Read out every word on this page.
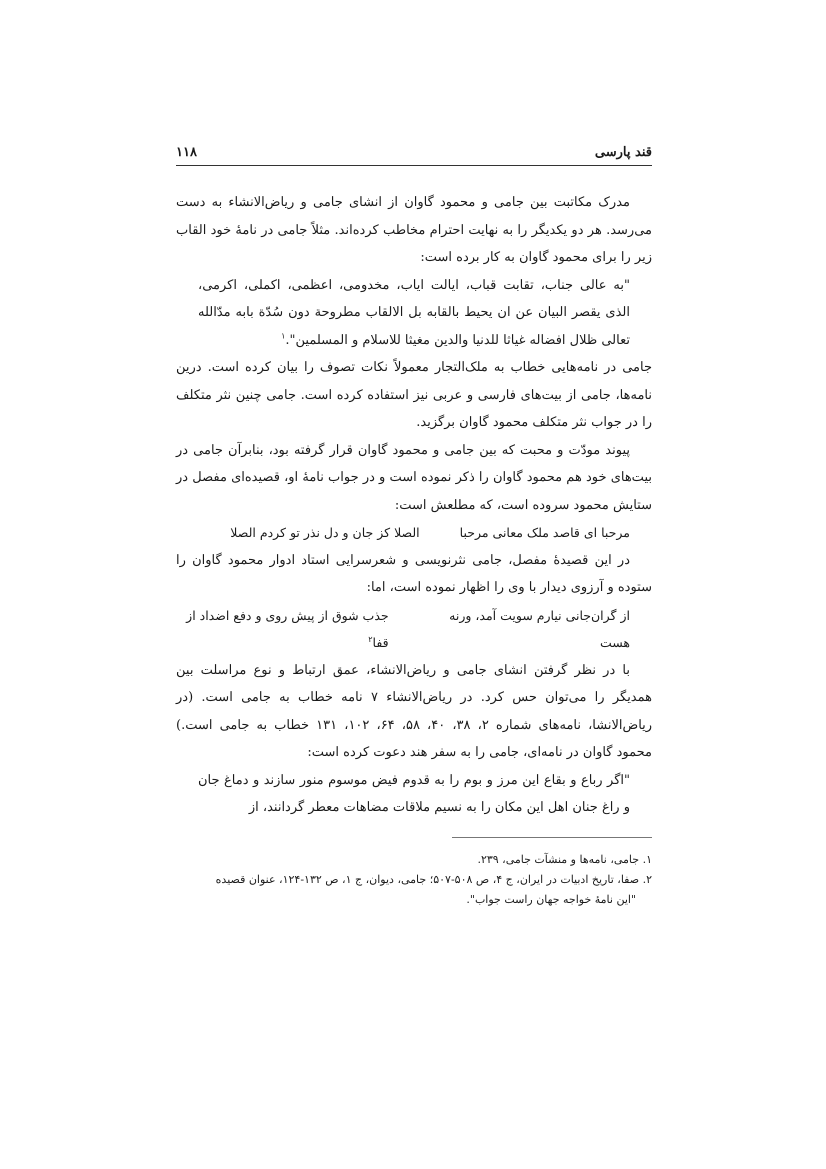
قند پارسی
۱۱۸

مدرک مکاتبت بین جامی و محمود گاوان از انشای جامی و ریاض‌الانشاء به دست می‌رسد. هر دو یکدیگر را به نهایت احترام مخاطب کرده‌اند. مثلاً جامی در نامهٔ خود القاب زیر را برای محمود گاوان به کار برده است:

"به عالی جناب، تقابت قباب، ایالت ایاب، مخدومی، اعظمی، اکملی، اکرمی، الذی یقصر البیان عن ان یحیط بالقابه بل الالقاب مطروحة دون سُدّة بابه مدّالله تعالی ظلال افضاله غیاثا للدنیا والدین مغیثا للاسلام و المسلمین".$^۱$

جامی در نامه‌هایی خطاب به ملک‌التجار معمولاً نکات تصوف را بیان کرده است. درین نامه‌ها، جامی از بیت‌های فارسی و عربی نیز استفاده کرده است. جامی چنین نثر متکلف را در جواب نثر متکلف محمود گاوان برگزید.

پیوند مودّت و محبت که بین جامی و محمود گاوان قرار گرفته بود، بنابرآن جامی در بیت‌های خود هم محمود گاوان را ذکر نموده است و در جواب نامهٔ او، قصیده‌ای مفصل در ستایش محمود سروده است، که مطلعش است:

مرحبا ای قاصد ملک معانی مرحبا
الصلا کز جان و دل نذر تو کردم الصلا

در این قصیدهٔ مفصل، جامی نثرنویسی و شعرسرایی استاد ادوار محمود گاوان را ستوده و آرزوی دیدار با وی را اظهار نموده است، اما:

از گران‌جانی نیارم سویت آمد، ورنه هست
جذب شوق از پیش روی و دفع اضداد از قفا$^۲$

با در نظر گرفتن انشای جامی و ریاض‌الانشاء، عمق ارتباط و نوع مراسلت بین همدیگر را می‌توان حس کرد. در ریاض‌الانشاء ۷ نامه خطاب به جامی است. (در ریاض‌الانشا، نامه‌های شماره ۲، ۳۸، ۴۰، ۵۸، ۶۴، ۱۰۲، ۱۳۱ خطاب به جامی است.) محمود گاوان در نامه‌ای، جامی را به سفر هند دعوت کرده است:

"اگر رباع و بقاع این مرز و بوم را به قدوم فیض موسوم منور سازند و دماغ جان و راغ جنان اهل این مکان را به نسیم ملاقات مضاهات معطر گردانند، از

۱. جامی، نامه‌ها و منشآت جامی، ۲۳۹.

۲. صفا، تاریخ ادبیات در ایران، ج ۴، ص ۵۰۸-۵۰۷؛ جامی، دیوان، ج ۱، ص ۱۳۲-۱۲۴، عنوان قصیده

"این نامهٔ خواجه جهان راست جواب".
